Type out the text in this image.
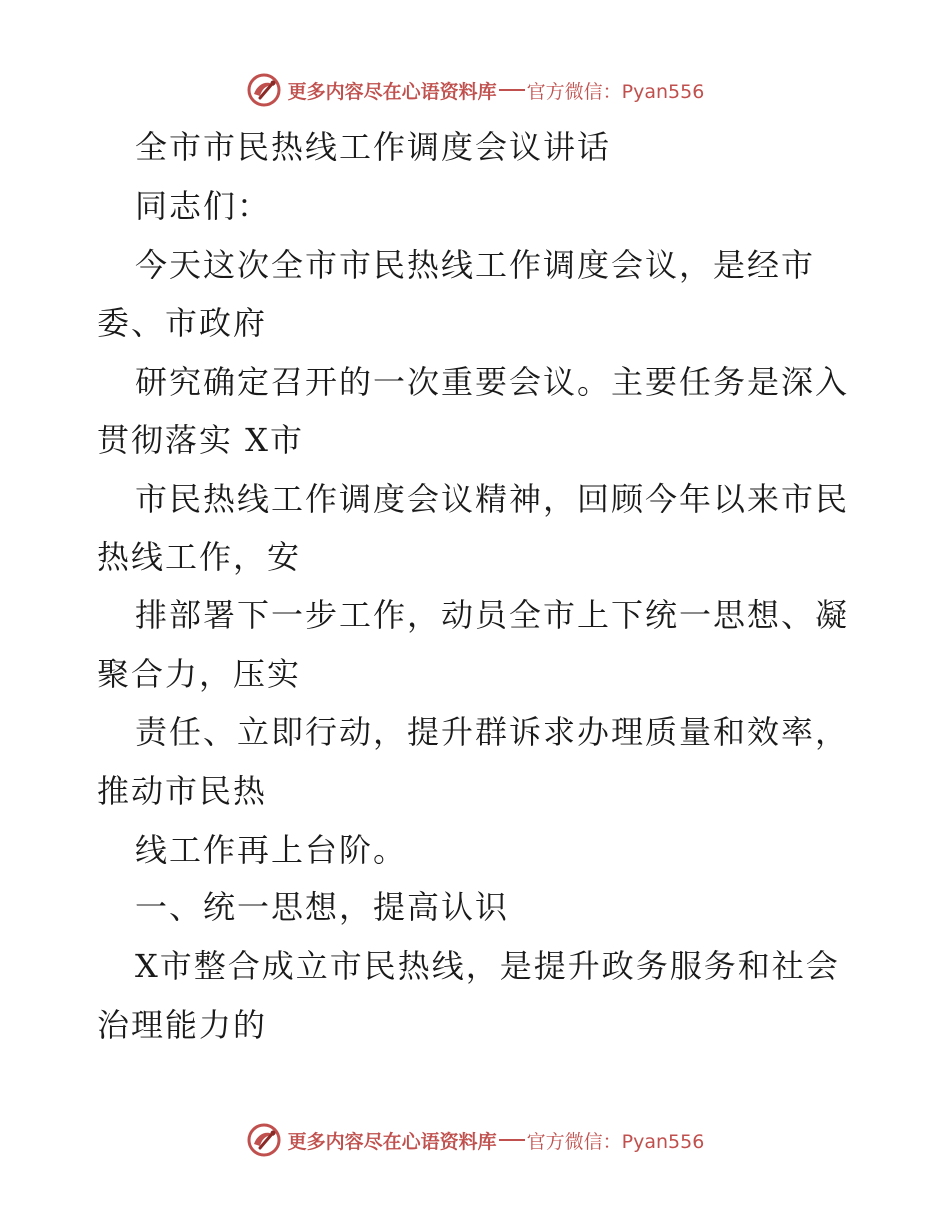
更多内容尽在心语资料库 官方微信：Pyan556
全市市民热线工作调度会议讲话
同志们：
今天这次全市市民热线工作调度会议，是经市
委、市政府
研究确定召开的一次重要会议。主要任务是深入
贯彻落实 X市
市民热线工作调度会议精神，回顾今年以来市民
热线工作，安
排部署下一步工作，动员全市上下统一思想、凝
聚合力，压实
责任、立即行动，提升群诉求办理质量和效率，
推动市民热
线工作再上台阶。
一、统一思想，提高认识
X市整合成立市民热线，是提升政务服务和社会
治理能力的
更多内容尽在心语资料库 官方微信：Pyan556
